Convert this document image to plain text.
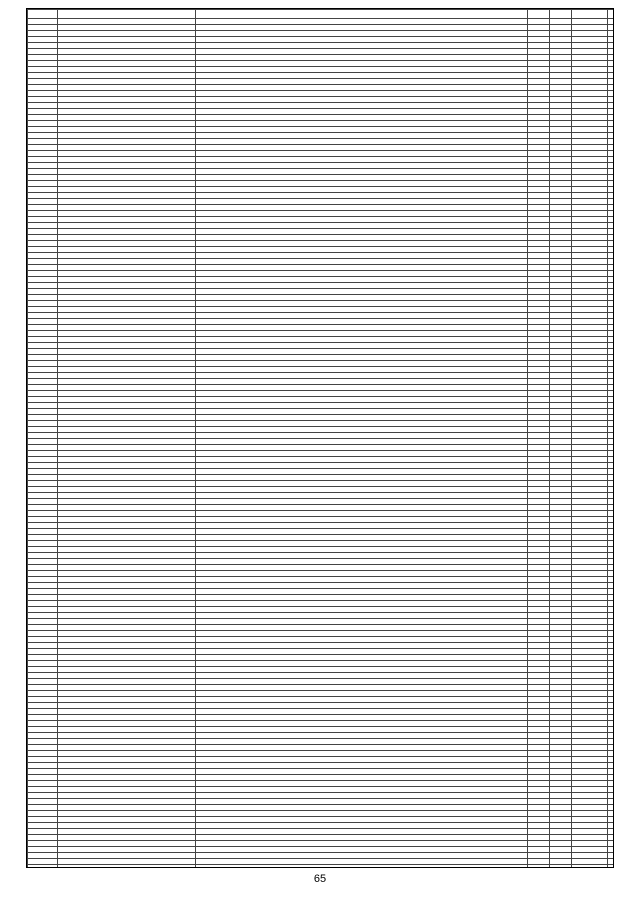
65
